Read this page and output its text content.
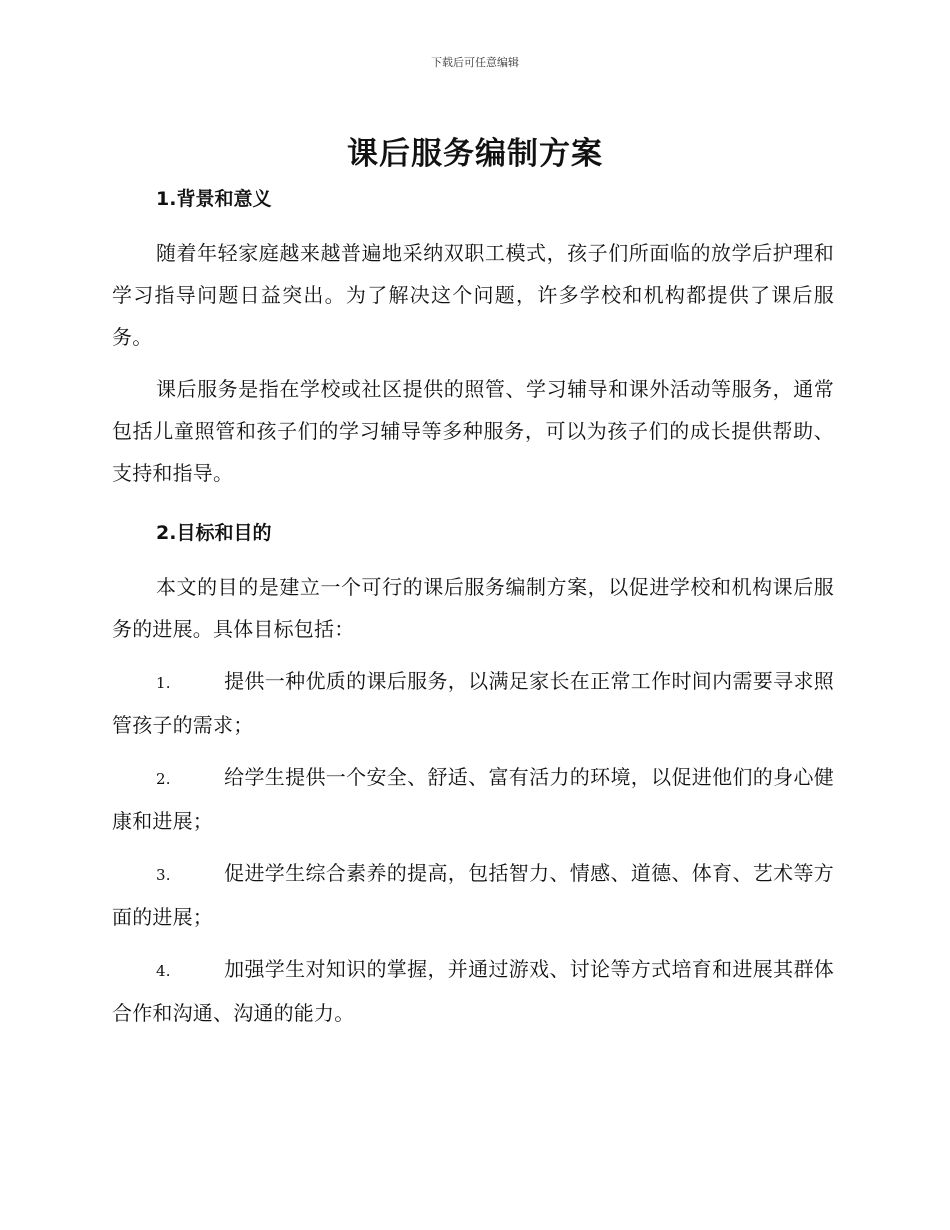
下载后可任意编辑
课后服务编制方案
1.背景和意义

随着年轻家庭越来越普遍地采纳双职工模式，孩子们所面临的放学后护理和学习指导问题日益突出。为了解决这个问题，许多学校和机构都提供了课后服务。

课后服务是指在学校或社区提供的照管、学习辅导和课外活动等服务，通常包括儿童照管和孩子们的学习辅导等多种服务，可以为孩子们的成长提供帮助、支持和指导。

2.目标和目的

本文的目的是建立一个可行的课后服务编制方案，以促进学校和机构课后服务的进展。具体目标包括：

1.	提供一种优质的课后服务，以满足家长在正常工作时间内需要寻求照管孩子的需求；

2.	给学生提供一个安全、舒适、富有活力的环境，以促进他们的身心健康和进展；

3.	促进学生综合素养的提高，包括智力、情感、道德、体育、艺术等方面的进展；

4.	加强学生对知识的掌握，并通过游戏、讨论等方式培育和进展其群体合作和沟通、沟通的能力。
